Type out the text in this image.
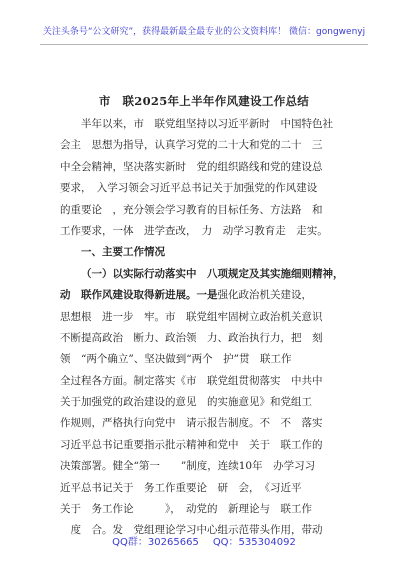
关注头条号“公文研究”，获得最新最全最专业的公文资料库！ 微信：gongwenyj
市　联2025年上半年作风建设工作总结
半年以来，市　联党组坚持以习近平新时　中国特色社
会主　思想为指导，认真学习党的二十大和党的二十　三
中全会精神，坚决落实新时　党的组织路线和党的建设总
要求，　入学习领会习近平总书记关于加强党的作风建设
的重要论　，充分领会学习教育的目标任务、方法路　和
工作要求，一体　进学查改，　力　动学习教育走　走实。
一、主要工作情况
（一）以实际行动落实中　八项规定及其实施细则精神，
动　联作风建设取得新进展。一是强化政治机关建设，
思想根　进一步　牢。市　联党组牢固树立政治机关意识
不断提高政治　断力、政治领　力、政治执行力，把　刻
领　“两个确立”、坚决做到“两个　护”贯　联工作
全过程各方面。制定落实《市　联党组贯彻落实　中共中
关于加强党的政治建设的意见　的实施意见》和党组工
作规则，严格执行向党中　请示报告制度。不　不　落实
习近平总书记重要指示批示精神和党中　关于　联工作的
决策部署。健全“第一　　”制度，连续10年　办学习习
近平总书记关于　务工作重要论　研　会，　《习近平
关于　务工作论　　　》，　动党的　新理论与　联工作
　度　合。发　党组理论学习中心组示范带头作用，带动
QQ群：30265665 QQ：535304092
